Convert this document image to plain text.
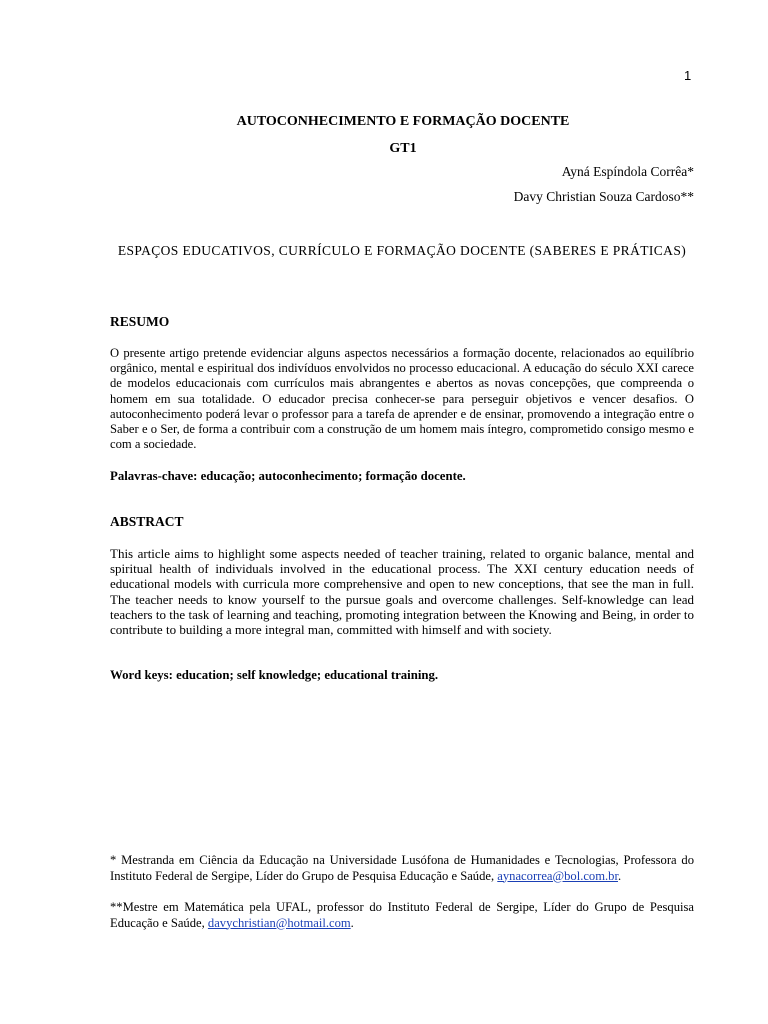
1
AUTOCONHECIMENTO E FORMAÇÃO DOCENTE
GT1
Ayná Espíndola Corrêa*
Davy Christian Souza Cardoso**
ESPAÇOS EDUCATIVOS, CURRÍCULO E FORMAÇÃO DOCENTE (SABERES E PRÁTICAS)
RESUMO
O presente artigo pretende evidenciar alguns aspectos necessários a formação docente, relacionados ao equilíbrio orgânico, mental e espiritual dos indivíduos envolvidos no processo educacional. A educação do século XXI carece de modelos educacionais com currículos mais abrangentes e abertos as novas concepções, que compreenda o homem em sua totalidade. O educador precisa conhecer-se para perseguir objetivos e vencer desafios. O autoconhecimento poderá levar o professor para a tarefa de aprender e de ensinar, promovendo a integração entre o Saber e o Ser, de forma a contribuir com a construção de um homem mais íntegro, comprometido consigo mesmo e com a sociedade.
Palavras-chave: educação; autoconhecimento; formação docente.
ABSTRACT
This article aims to highlight some aspects needed of teacher training, related to organic balance, mental and spiritual health of individuals involved in the educational process. The XXI century education needs of educational models with curricula more comprehensive and open to new conceptions, that see the man in full. The teacher needs to know yourself to the pursue goals and overcome challenges. Self-knowledge can lead teachers to the task of learning and teaching, promoting integration between the Knowing and Being, in order to contribute to building a more integral man, committed with himself and with society.
Word keys: education; self knowledge; educational training.
* Mestranda em Ciência da Educação na Universidade Lusófona de Humanidades e Tecnologias, Professora do Instituto Federal de Sergipe, Líder do Grupo de Pesquisa Educação e Saúde, aynacorrea@bol.com.br.
**Mestre em Matemática pela UFAL, professor do Instituto Federal de Sergipe, Líder do Grupo de Pesquisa Educação e Saúde, davychristian@hotmail.com.
